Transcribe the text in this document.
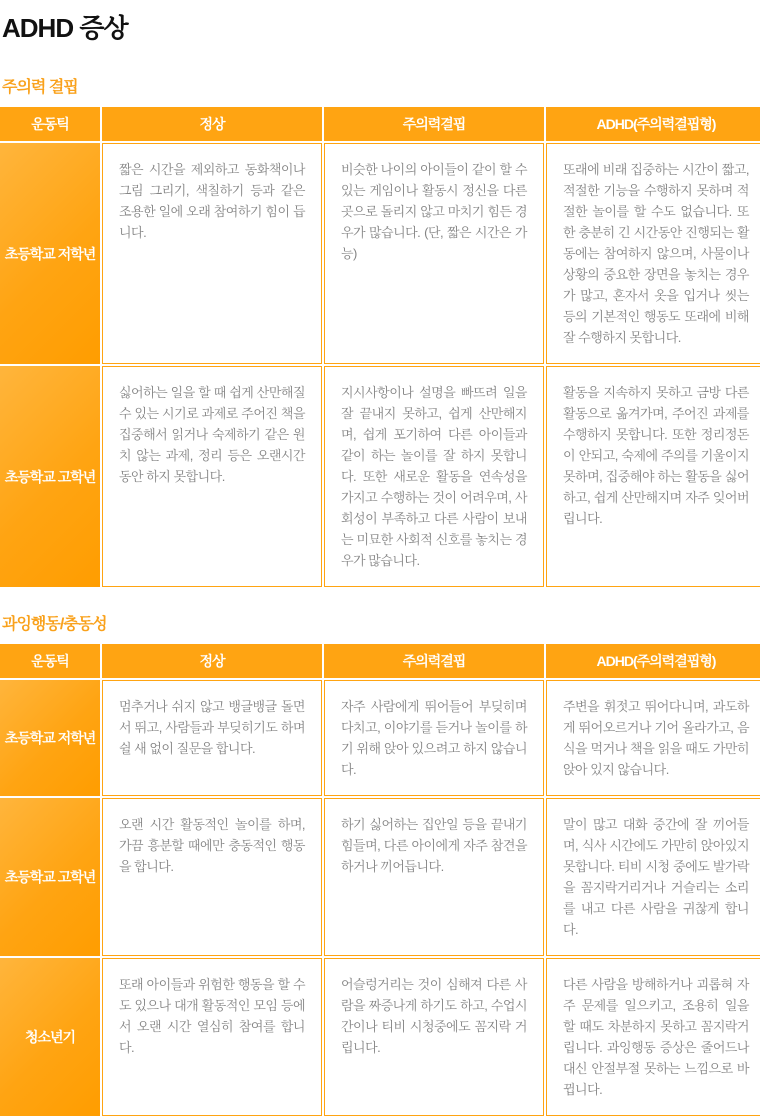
ADHD 증상
주의력 결핍
운동틱	정상	주의력결핍	ADHD(주의력결핍형)
초등학교 저학년	짧은 시간을 제외하고 동화책이나 그림 그리기, 색칠하기 등과 같은 조용한 일에 오래 참여하기 힘이 듭니다.	비슷한 나이의 아이들이 같이 할 수 있는 게임이나 활동시 정신을 다른곳으로 돌리지 않고 마치기 힘든 경우가 많습니다. (단, 짧은 시간은 가능)	또래에 비래 집중하는 시간이 짧고, 적절한 기능을 수행하지 못하며 적절한 놀이를 할 수도 없습니다. 또한 충분히 긴 시간동안 진행되는 활동에는 참여하지 않으며, 사물이나 상황의 중요한 장면을 놓치는 경우가 많고, 혼자서 옷을 입거나 씻는 등의 기본적인 행동도 또래에 비해 잘 수행하지 못합니다.
초등학교 고학년	싫어하는 일을 할 때 쉽게 산만해질 수 있는 시기로 과제로 주어진 책을 집중해서 읽거나 숙제하기 같은 원치 않는 과제, 정리 등은 오랜시간 동안 하지 못합니다.	지시사항이나 설명을 빠뜨려 일을 잘 끝내지 못하고, 쉽게 산만해지며, 쉽게 포기하여 다른 아이들과 같이 하는 놀이를 잘 하지 못합니다. 또한 새로운 활동을 연속성을 가지고 수행하는 것이 어려우며, 사회성이 부족하고 다른 사람이 보내는 미묘한 사회적 신호를 놓치는 경우가 많습니다.	활동을 지속하지 못하고 금방 다른 활동으로 옮겨가며, 주어진 과제를 수행하지 못합니다. 또한 정리정돈이 안되고, 숙제에 주의를 기울이지 못하며, 집중해야 하는 활동을 싫어하고, 쉽게 산만해지며 자주 잊어버립니다.
과잉행동/충동성
운동틱	정상	주의력결핍	ADHD(주의력결핍형)
초등학교 저학년	멈추거나 쉬지 않고 뱅글뱅글 돌면서 뛰고, 사람들과 부딪히기도 하며 쉴 새 없이 질문을 합니다.	자주 사람에게 뛰어들어 부딪히며 다치고, 이야기를 듣거나 놀이를 하기 위해 앉아 있으려고 하지 않습니다.	주변을 휘젓고 뛰어다니며, 과도하게 뛰어오르거나 기어 올라가고, 음식을 먹거나 책을 읽을 때도 가만히 앉아 있지 않습니다.
초등학교 고학년	오랜 시간 활동적인 놀이를 하며, 가끔 흥분할 때에만 충동적인 행동을 합니다.	하기 싫어하는 집안일 등을 끝내기 힘들며, 다른 아이에게 자주 참견을 하거나 끼어듭니다.	말이 많고 대화 중간에 잘 끼어들며, 식사 시간에도 가만히 앉아있지 못합니다. 티비 시청 중에도 발가락을 꼼지락거리거나 거슬리는 소리를 내고 다른 사람을 귀찮게 합니다.
청소년기	또래 아이들과 위험한 행동을 할 수도 있으나 대개 활동적인 모임 등에서 오랜 시간 열심히 참여를 합니다.	어슬렁거리는 것이 심해져 다른 사람을 짜증나게 하기도 하고, 수업시간이나 티비 시청중에도 꼼지락 거립니다.	다른 사람을 방해하거나 괴롭혀 자주 문제를 일으키고, 조용히 일을 할 때도 차분하지 못하고 꼼지락거립니다. 과잉행동 증상은 줄어드나 대신 안절부절 못하는 느낌으로 바뀝니다.
